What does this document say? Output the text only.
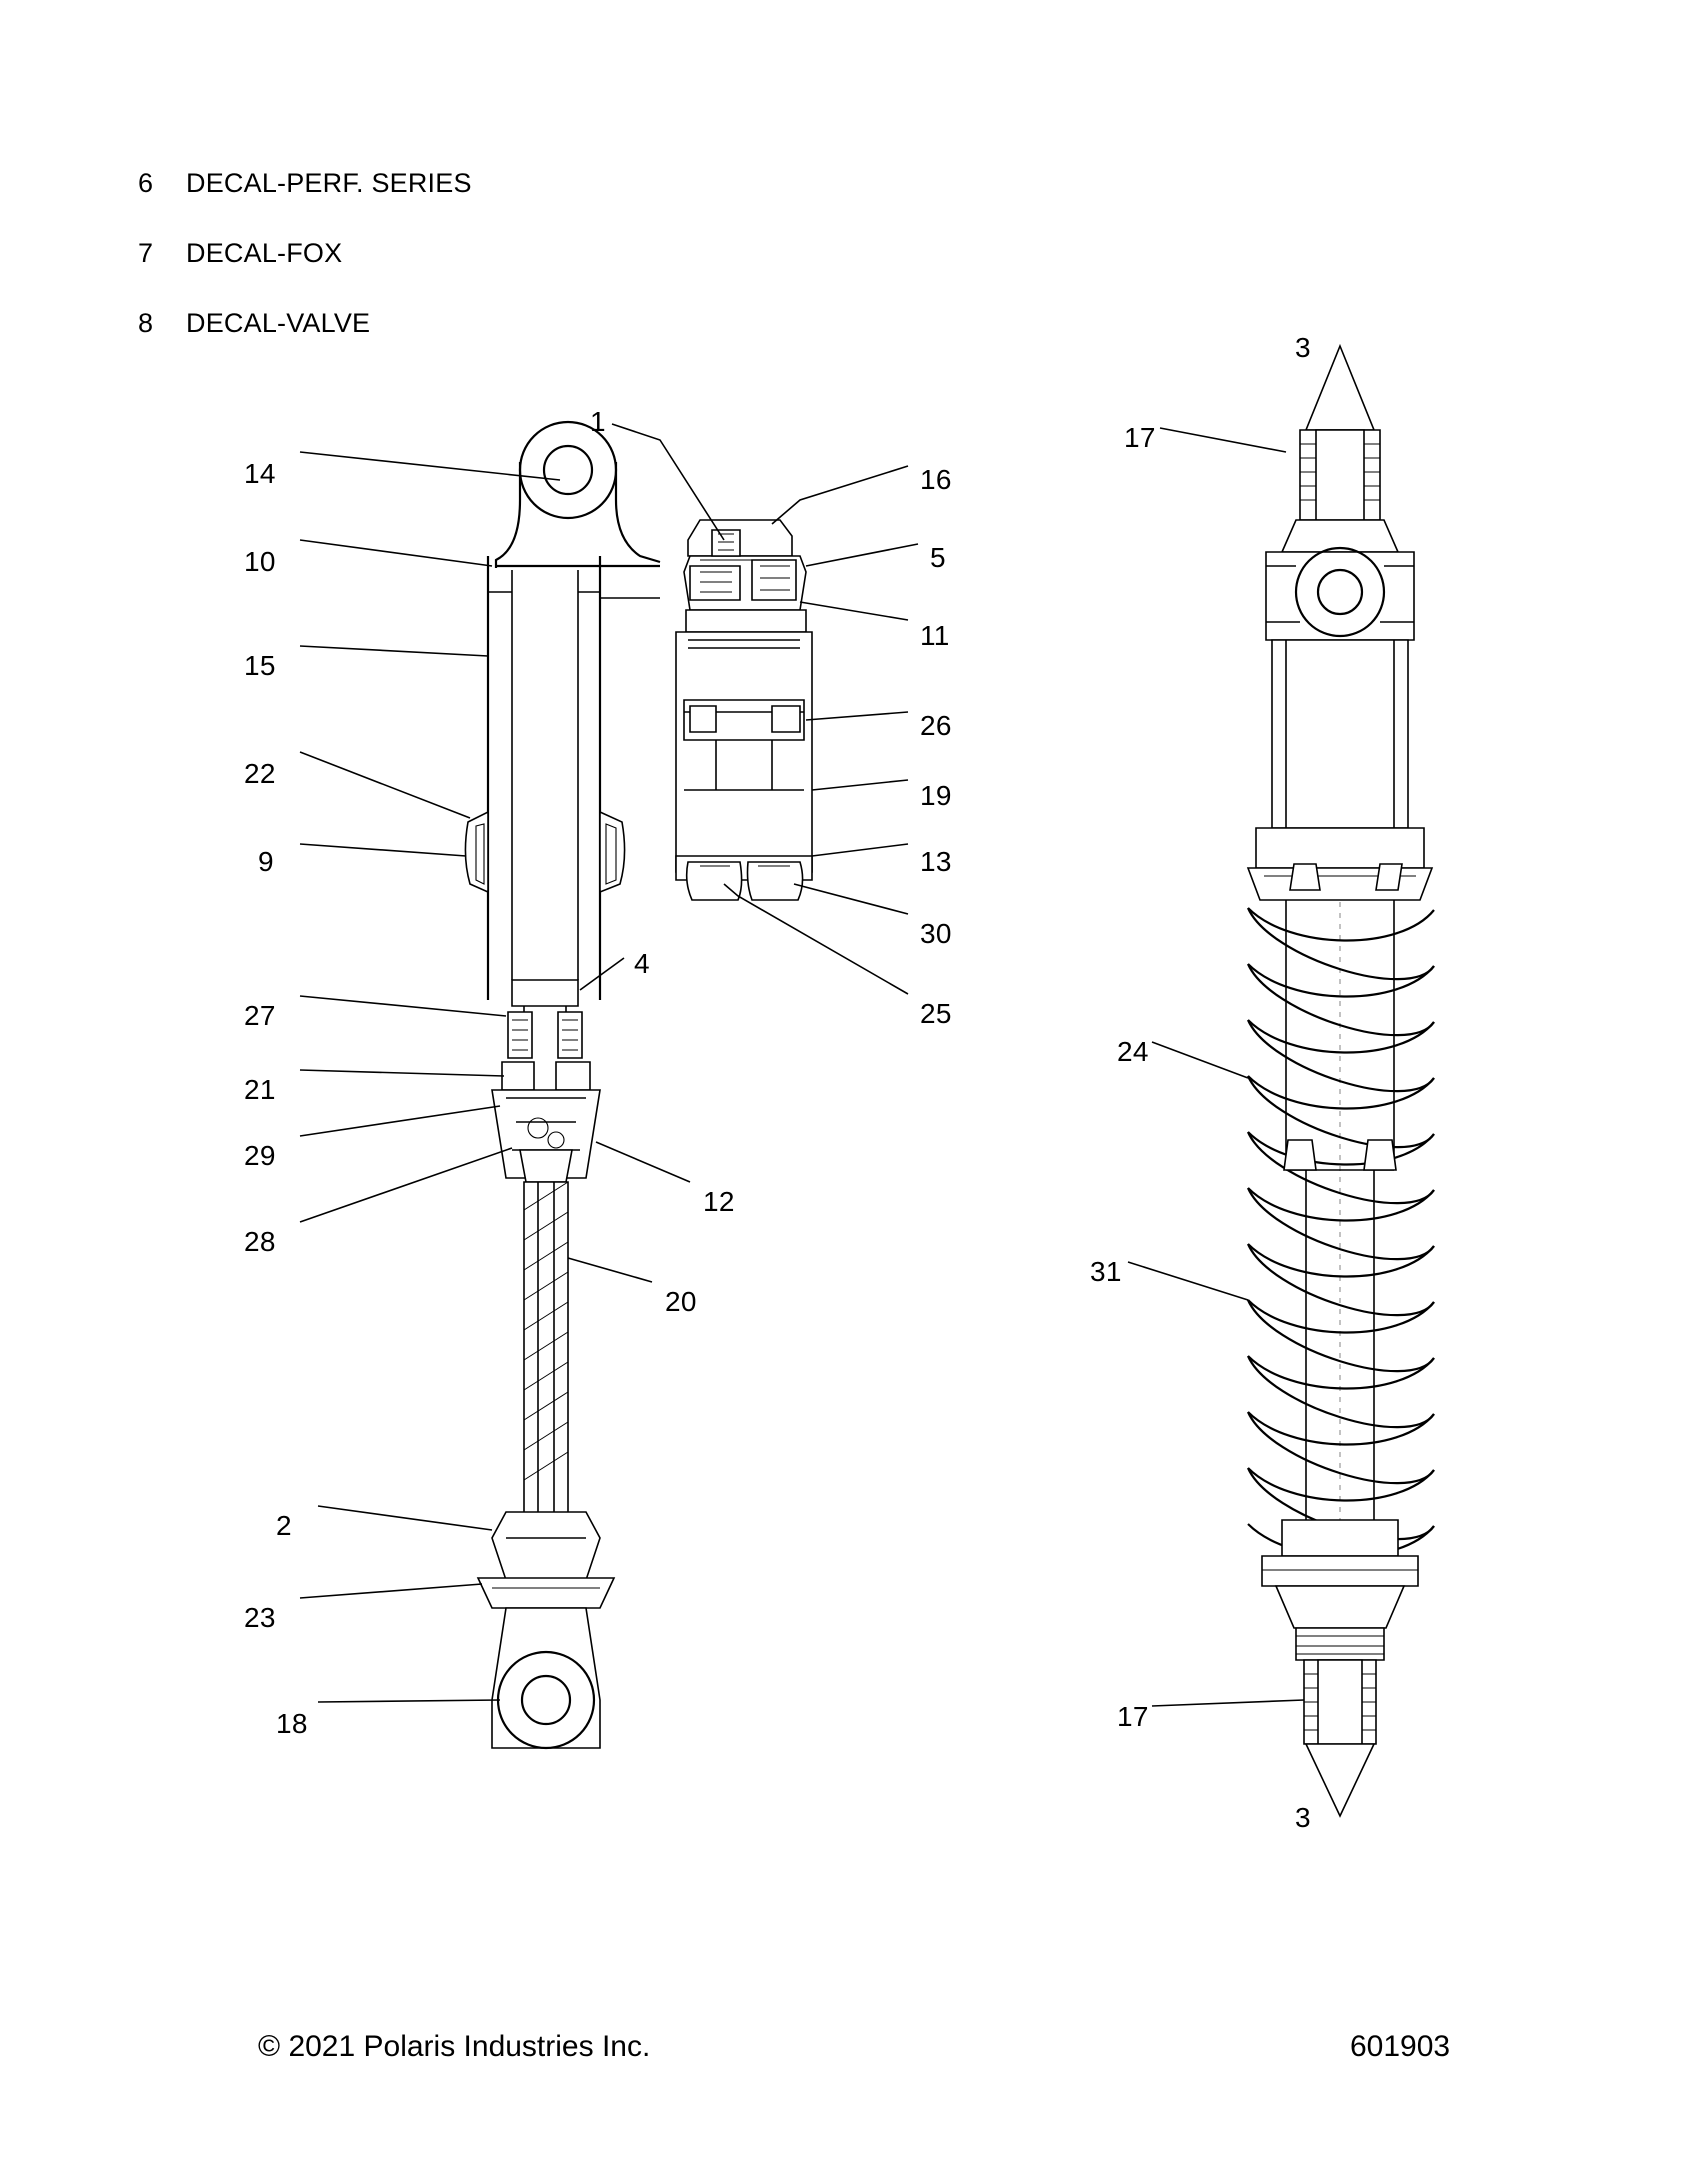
6	DECAL-PERF. SERIES
7	DECAL-FOX
8	DECAL-VALVE
14
10
15
22
9
27
21
29
28
2
23
18
1
4
12
20
16
5
11
26
19
13
30
25
3
17
24
31
17
3
© 2021 Polaris Industries Inc.	601903
